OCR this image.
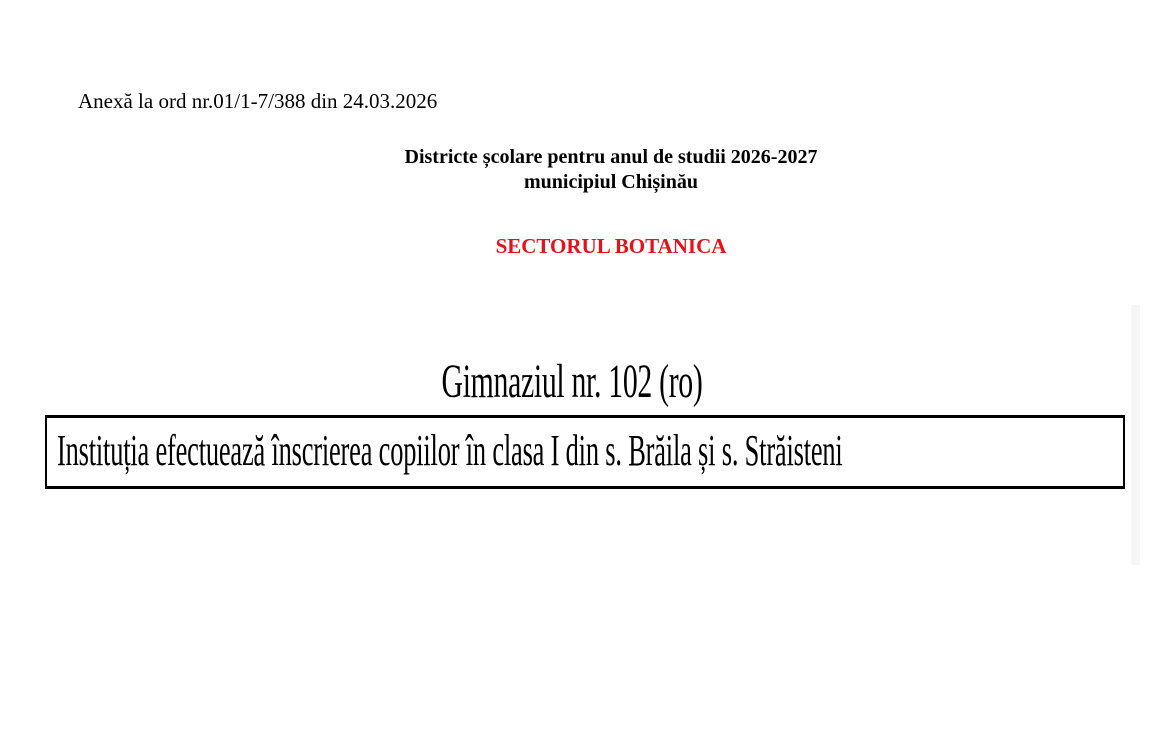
Anexă la ord nr.01/1-7/388 din 24.03.2026
Districte școlare pentru anul de studii 2026-2027
municipiul Chișinău
SECTORUL BOTANICA
Gimnaziul nr. 102 (ro)
Instituția efectuează înscrierea copiilor în clasa I din s. Brăila și s. Străisteni
